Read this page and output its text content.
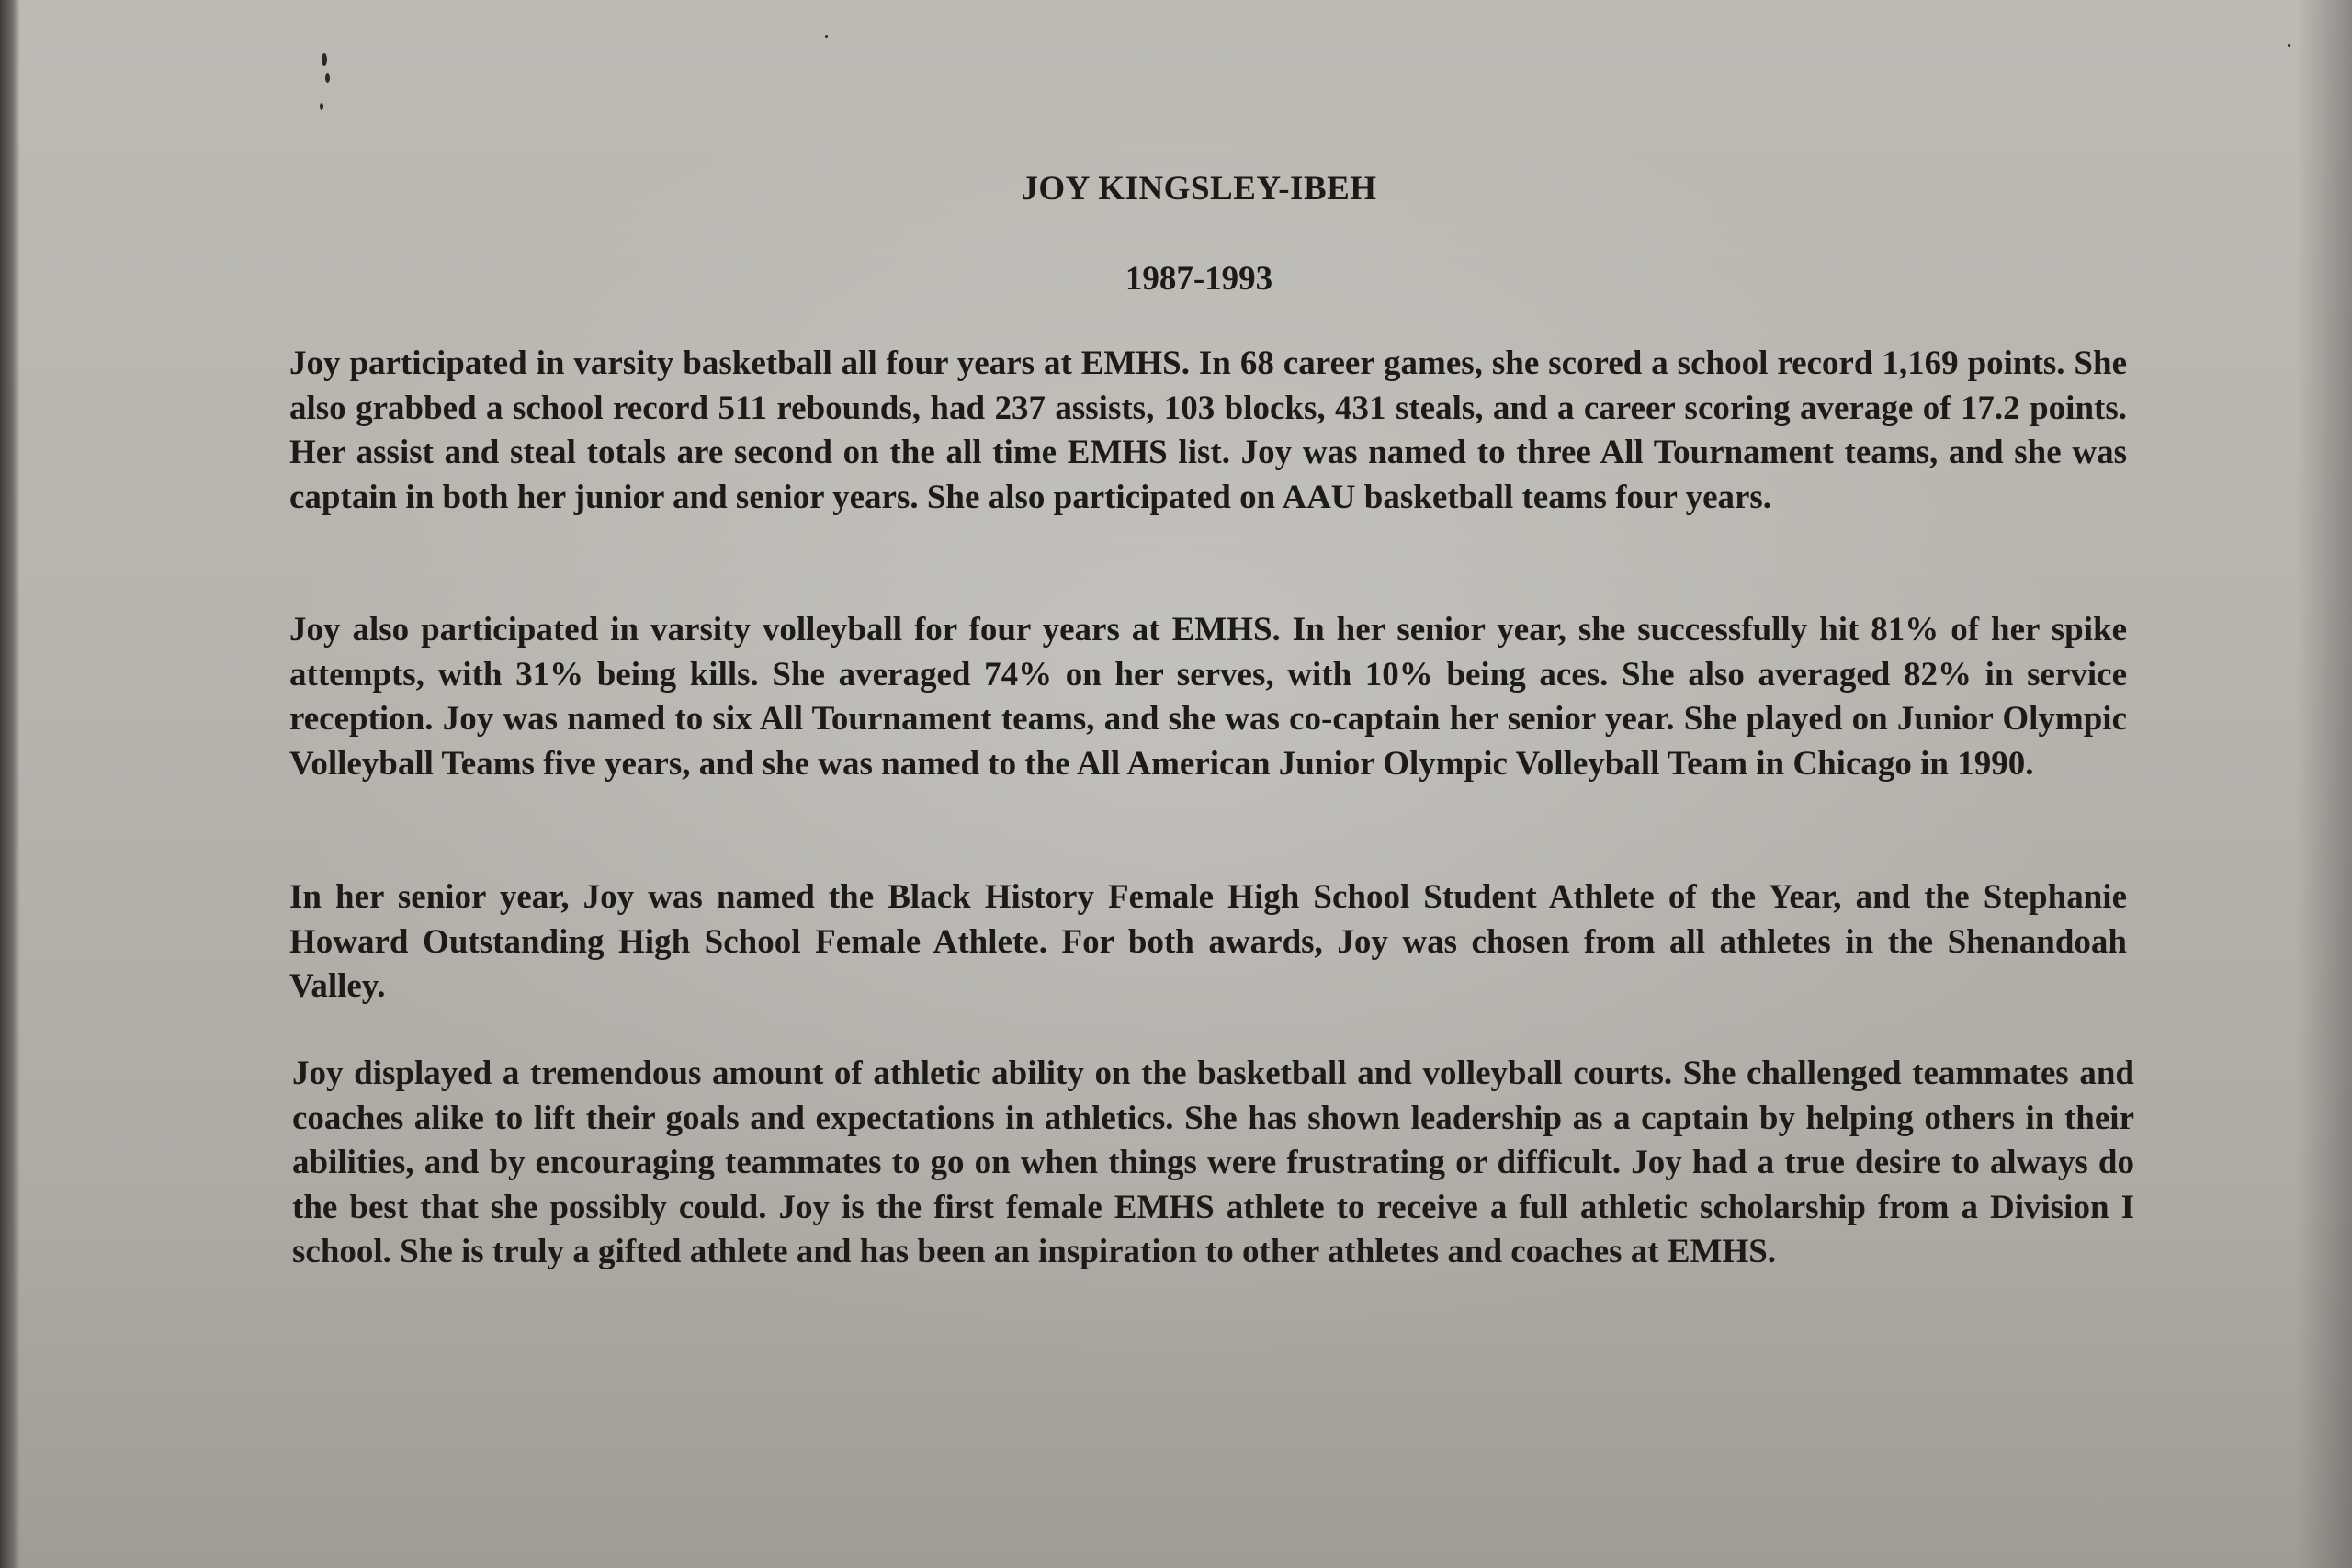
JOY KINGSLEY-IBEH
1987-1993

Joy participated in varsity basketball all four years at EMHS. In 68 career games, she scored a school record 1,169 points. She also grabbed a school record 511 rebounds, had 237 assists, 103 blocks, 431 steals, and a career scoring average of 17.2 points. Her assist and steal totals are second on the all time EMHS list. Joy was named to three All Tournament teams, and she was captain in both her junior and senior years. She also participated on AAU basketball teams four years.

Joy also participated in varsity volleyball for four years at EMHS. In her senior year, she successfully hit 81% of her spike attempts, with 31% being kills. She averaged 74% on her serves, with 10% being aces. She also averaged 82% in service reception. Joy was named to six All Tournament teams, and she was co-captain her senior year. She played on Junior Olympic Volleyball Teams five years, and she was named to the All American Junior Olympic Volleyball Team in Chicago in 1990.

In her senior year, Joy was named the Black History Female High School Student Athlete of the Year, and the Stephanie Howard Outstanding High School Female Athlete. For both awards, Joy was chosen from all athletes in the Shenandoah Valley.

Joy displayed a tremendous amount of athletic ability on the basketball and volleyball courts. She challenged teammates and coaches alike to lift their goals and expectations in athletics. She has shown leadership as a captain by helping others in their abilities, and by encouraging teammates to go on when things were frustrating or difficult. Joy had a true desire to always do the best that she possibly could. Joy is the first female EMHS athlete to receive a full athletic scholarship from a Division I school. She is truly a gifted athlete and has been an inspiration to other athletes and coaches at EMHS.
